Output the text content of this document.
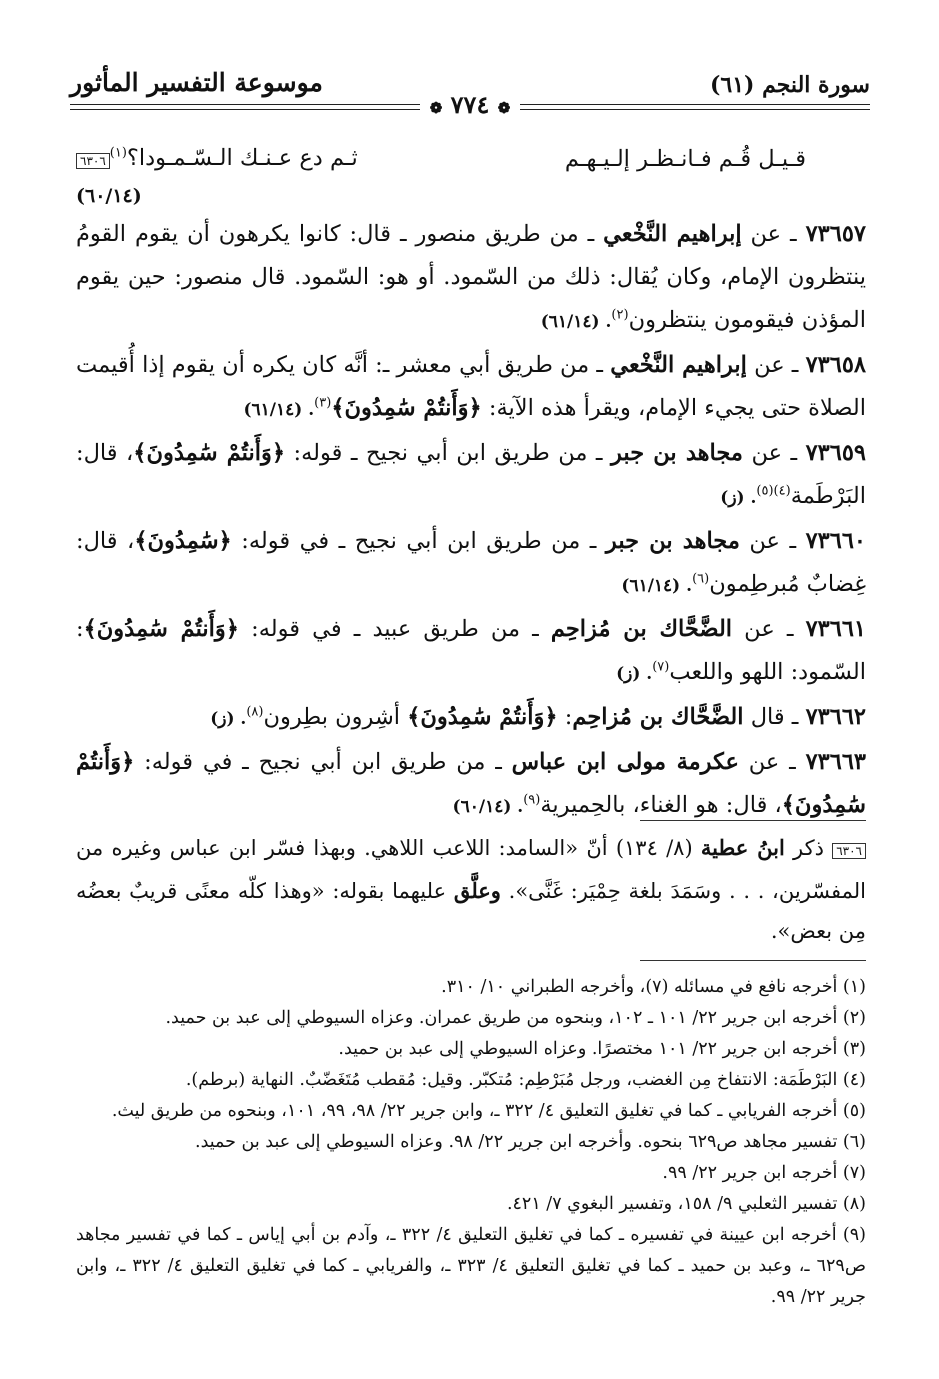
سورة النجم (٦١)
موسوعة التفسير المأثور
❁ ٧٧٤ ❁
قـيـل قُـم فـانـظـر إلـيـهـم
ثـم دع عـنـك الـسّـمـودا؟$^{(١)}$٦٣٠٦
(٦٠/١٤)

٧٣٦٥٧ ـ عن إبراهيم النَّخْعي ـ من طريق منصور ـ قال: كانوا يكرهون أن يقوم القومُ ينتظرون الإمام، وكان يُقال: ذلك من السّمود. أو هو: السّمود. قال منصور: حين يقوم المؤذن فيقومون ينتظرون$^{(٢)}$. (٦١/١٤)

٧٣٦٥٨ ـ عن إبراهيم النَّخْعي ـ من طريق أبي معشر ـ: أنَّه كان يكره أن يقوم إذا أُقيمت الصلاة حتى يجيء الإمام، ويقرأ هذه الآية: ﴿وَأَنتُمْ سَٰمِدُونَ﴾$^{(٣)}$. (٦١/١٤)

٧٣٦٥٩ ـ عن مجاهد بن جبر ـ من طريق ابن أبي نجيح ـ قوله: ﴿وَأَنتُمْ سَٰمِدُونَ﴾، قال: البَرْطَمة$^{(٤)(٥)}$. (ز)

٧٣٦٦٠ ـ عن مجاهد بن جبر ـ من طريق ابن أبي نجيح ـ في قوله: ﴿سَٰمِدُونَ﴾، قال: غِضابٌ مُبرطِمون$^{(٦)}$. (٦١/١٤)

٧٣٦٦١ ـ عن الضَّحَّاك بن مُزاحِم ـ من طريق عبيد ـ في قوله: ﴿وَأَنتُمْ سَٰمِدُونَ﴾: السّمود: اللهو واللعب$^{(٧)}$. (ز)

٧٣٦٦٢ ـ قال الضَّحَّاك بن مُزاحِم: ﴿وَأَنتُمْ سَٰمِدُونَ﴾ أشِرون بطِرون$^{(٨)}$. (ز)

٧٣٦٦٣ ـ عن عكرمة مولى ابن عباس ـ من طريق ابن أبي نجيح ـ في قوله: ﴿وَأَنتُمْ سَٰمِدُونَ﴾، قال: هو الغناء، بالحِميرية$^{(٩)}$. (٦٠/١٤)

٦٣٠٦ ذكر ابنُ عطية (٨/ ١٣٤) أنّ «السامد: اللاعب اللاهي. وبهذا فسّر ابن عباس وغيره من المفسّرين، . . . وسَمَدَ بلغة حِمْيَر: غَنَّى». وعلَّق عليهما بقوله: «وهذا كلّه معنًى قريبٌ بعضُه مِن بعض».

(١) أخرجه نافع في مسائله (٧)، وأخرجه الطبراني ١٠/ ٣١٠.

(٢) أخرجه ابن جرير ٢٢/ ١٠١ ـ ١٠٢، وبنحوه من طريق عمران. وعزاه السيوطي إلى عبد بن حميد.

(٣) أخرجه ابن جرير ٢٢/ ١٠١ مختصرًا. وعزاه السيوطي إلى عبد بن حميد.

(٤) البَرْطَمَة: الانتفاخ مِن الغضب، ورجل مُبَرْطِم: مُتكبّر. وقيل: مُقطب مُتَغَضّبٌ. النهاية (برطم).

(٥) أخرجه الفريابي ـ كما في تغليق التعليق ٤/ ٣٢٢ ـ، وابن جرير ٢٢/ ٩٨، ٩٩، ١٠١، وبنحوه من طريق ليث.

(٦) تفسير مجاهد ص٦٢٩ بنحوه. وأخرجه ابن جرير ٢٢/ ٩٨. وعزاه السيوطي إلى عبد بن حميد.

(٧) أخرجه ابن جرير ٢٢/ ٩٩.

(٨) تفسير الثعلبي ٩/ ١٥٨، وتفسير البغوي ٧/ ٤٢١.

(٩) أخرجه ابن عيينة في تفسيره ـ كما في تغليق التعليق ٤/ ٣٢٢ ـ، وآدم بن أبي إياس ـ كما في تفسير مجاهد ص٦٢٩ ـ، وعبد بن حميد ـ كما في تغليق التعليق ٤/ ٣٢٣ ـ، والفريابي ـ كما في تغليق التعليق ٤/ ٣٢٢ ـ، وابن جرير ٢٢/ ٩٩.
